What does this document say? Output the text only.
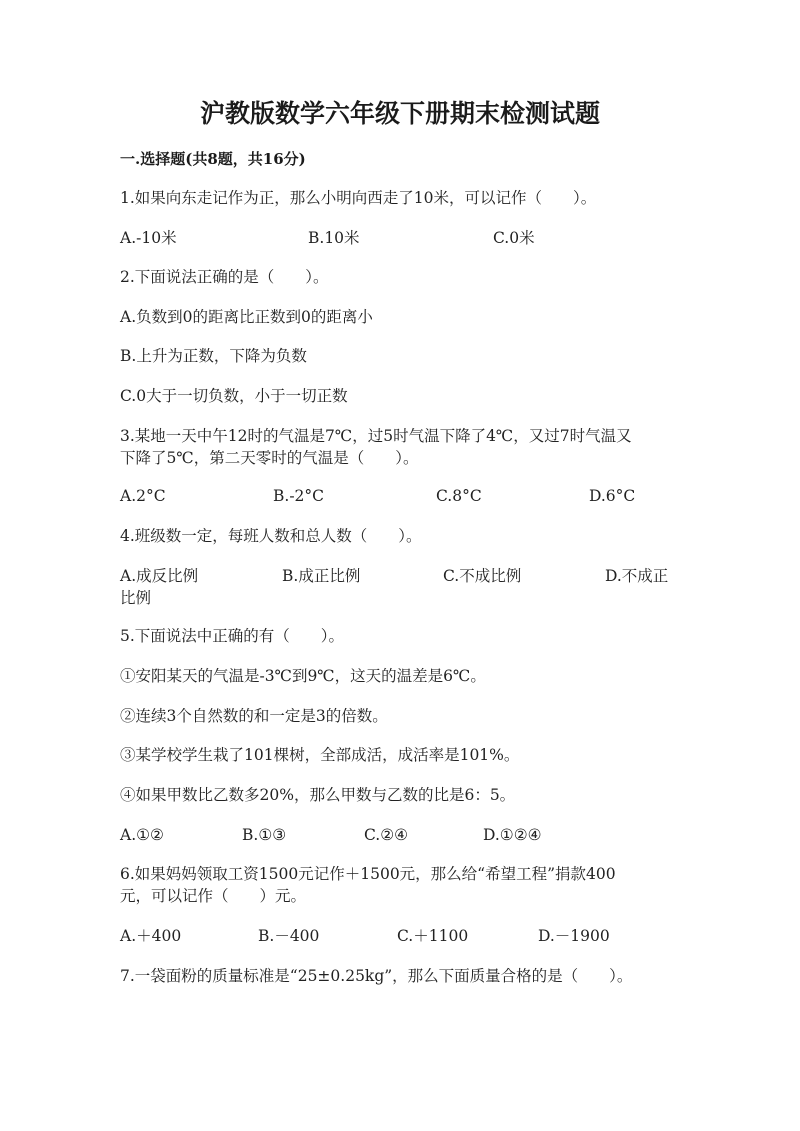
沪教版数学六年级下册期末检测试题
一.选择题(共8题，共16分)
1.如果向东走记作为正，那么小明向西走了10米，可以记作（　　）。
A.-10米	B.10米	C.0米
2.下面说法正确的是（　　）。
A.负数到0的距离比正数到0的距离小
B.上升为正数，下降为负数
C.0大于一切负数，小于一切正数
3.某地一天中午12时的气温是7℃，过5时气温下降了4℃，又过7时气温又
下降了5℃，第二天零时的气温是（　　）。
A.2°C	B.-2°C	C.8°C	D.6°C
4.班级数一定，每班人数和总人数（　　）。
A.成反比例	B.成正比例	C.不成比例	D.不成正
比例
5.下面说法中正确的有（　　）。
①安阳某天的气温是-3℃到9℃，这天的温差是6℃。
②连续3个自然数的和一定是3的倍数。
③某学校学生栽了101棵树，全部成活，成活率是101%。
④如果甲数比乙数多20%，那么甲数与乙数的比是6：5。
A.①②	B.①③	C.②④	D.①②④
6.如果妈妈领取工资1500元记作＋1500元，那么给“希望工程”捐款400
元，可以记作（　　）元。
A.＋400	B.－400	C.＋1100	D.－1900
7.一袋面粉的质量标准是“25±0.25kg”，那么下面质量合格的是（　　）。
